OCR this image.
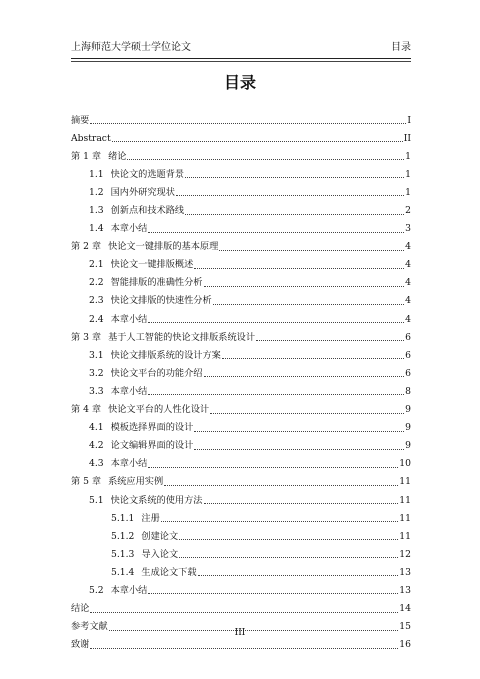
上海师范大学硕士学位论文	目录
目录
摘要	I
Abstract	II
第 1 章 绪论	1
1.1 快论文的选题背景	1
1.2 国内外研究现状	1
1.3 创新点和技术路线	2
1.4 本章小结	3
第 2 章 快论文一键排版的基本原理	4
2.1 快论文一键排版概述	4
2.2 智能排版的准确性分析	4
2.3 快论文排版的快速性分析	4
2.4 本章小结	4
第 3 章 基于人工智能的快论文排版系统设计	6
3.1 快论文排版系统的设计方案	6
3.2 快论文平台的功能介绍	6
3.3 本章小结	8
第 4 章 快论文平台的人性化设计	9
4.1 模板选择界面的设计	9
4.2 论文编辑界面的设计	9
4.3 本章小结	10
第 5 章 系统应用实例	11
5.1 快论文系统的使用方法	11
5.1.1 注册	11
5.1.2 创建论文	11
5.1.3 导入论文	12
5.1.4 生成论文下载	13
5.2 本章小结	13
结论	14
参考文献	15
致谢	16
III
